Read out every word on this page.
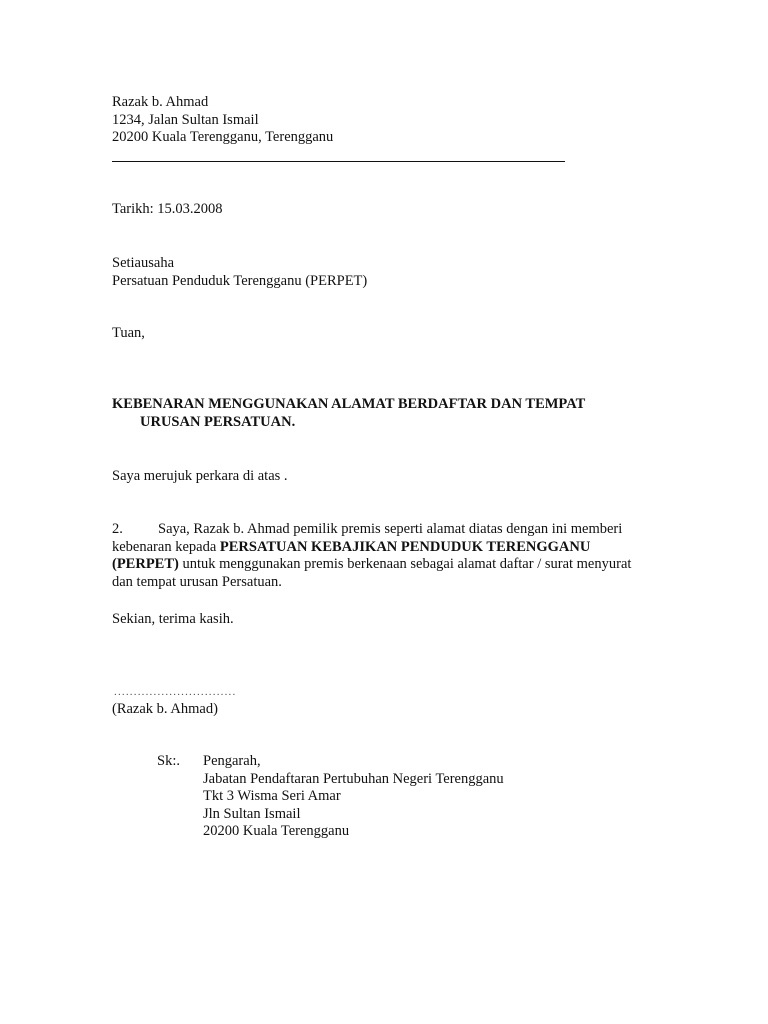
Razak b. Ahmad
1234, Jalan Sultan Ismail
20200 Kuala Terengganu, Terengganu
Tarikh: 15.03.2008
Setiausaha
Persatuan Penduduk Terengganu (PERPET)
Tuan,
KEBENARAN MENGGUNAKAN ALAMAT BERDAFTAR DAN TEMPAT
URUSAN PERSATUAN.
Saya merujuk perkara di atas .
2. Saya, Razak b. Ahmad pemilik premis seperti alamat diatas dengan ini memberi
kebenaran kepada PERSATUAN KEBAJIKAN PENDUDUK TERENGGANU
(PERPET) untuk menggunakan premis berkenaan sebagai alamat daftar / surat menyurat
dan tempat urusan Persatuan.
Sekian, terima kasih.
...............................
(Razak b. Ahmad)
Sk:. Pengarah,
Jabatan Pendaftaran Pertubuhan Negeri Terengganu
Tkt 3 Wisma Seri Amar
Jln Sultan Ismail
20200 Kuala Terengganu
